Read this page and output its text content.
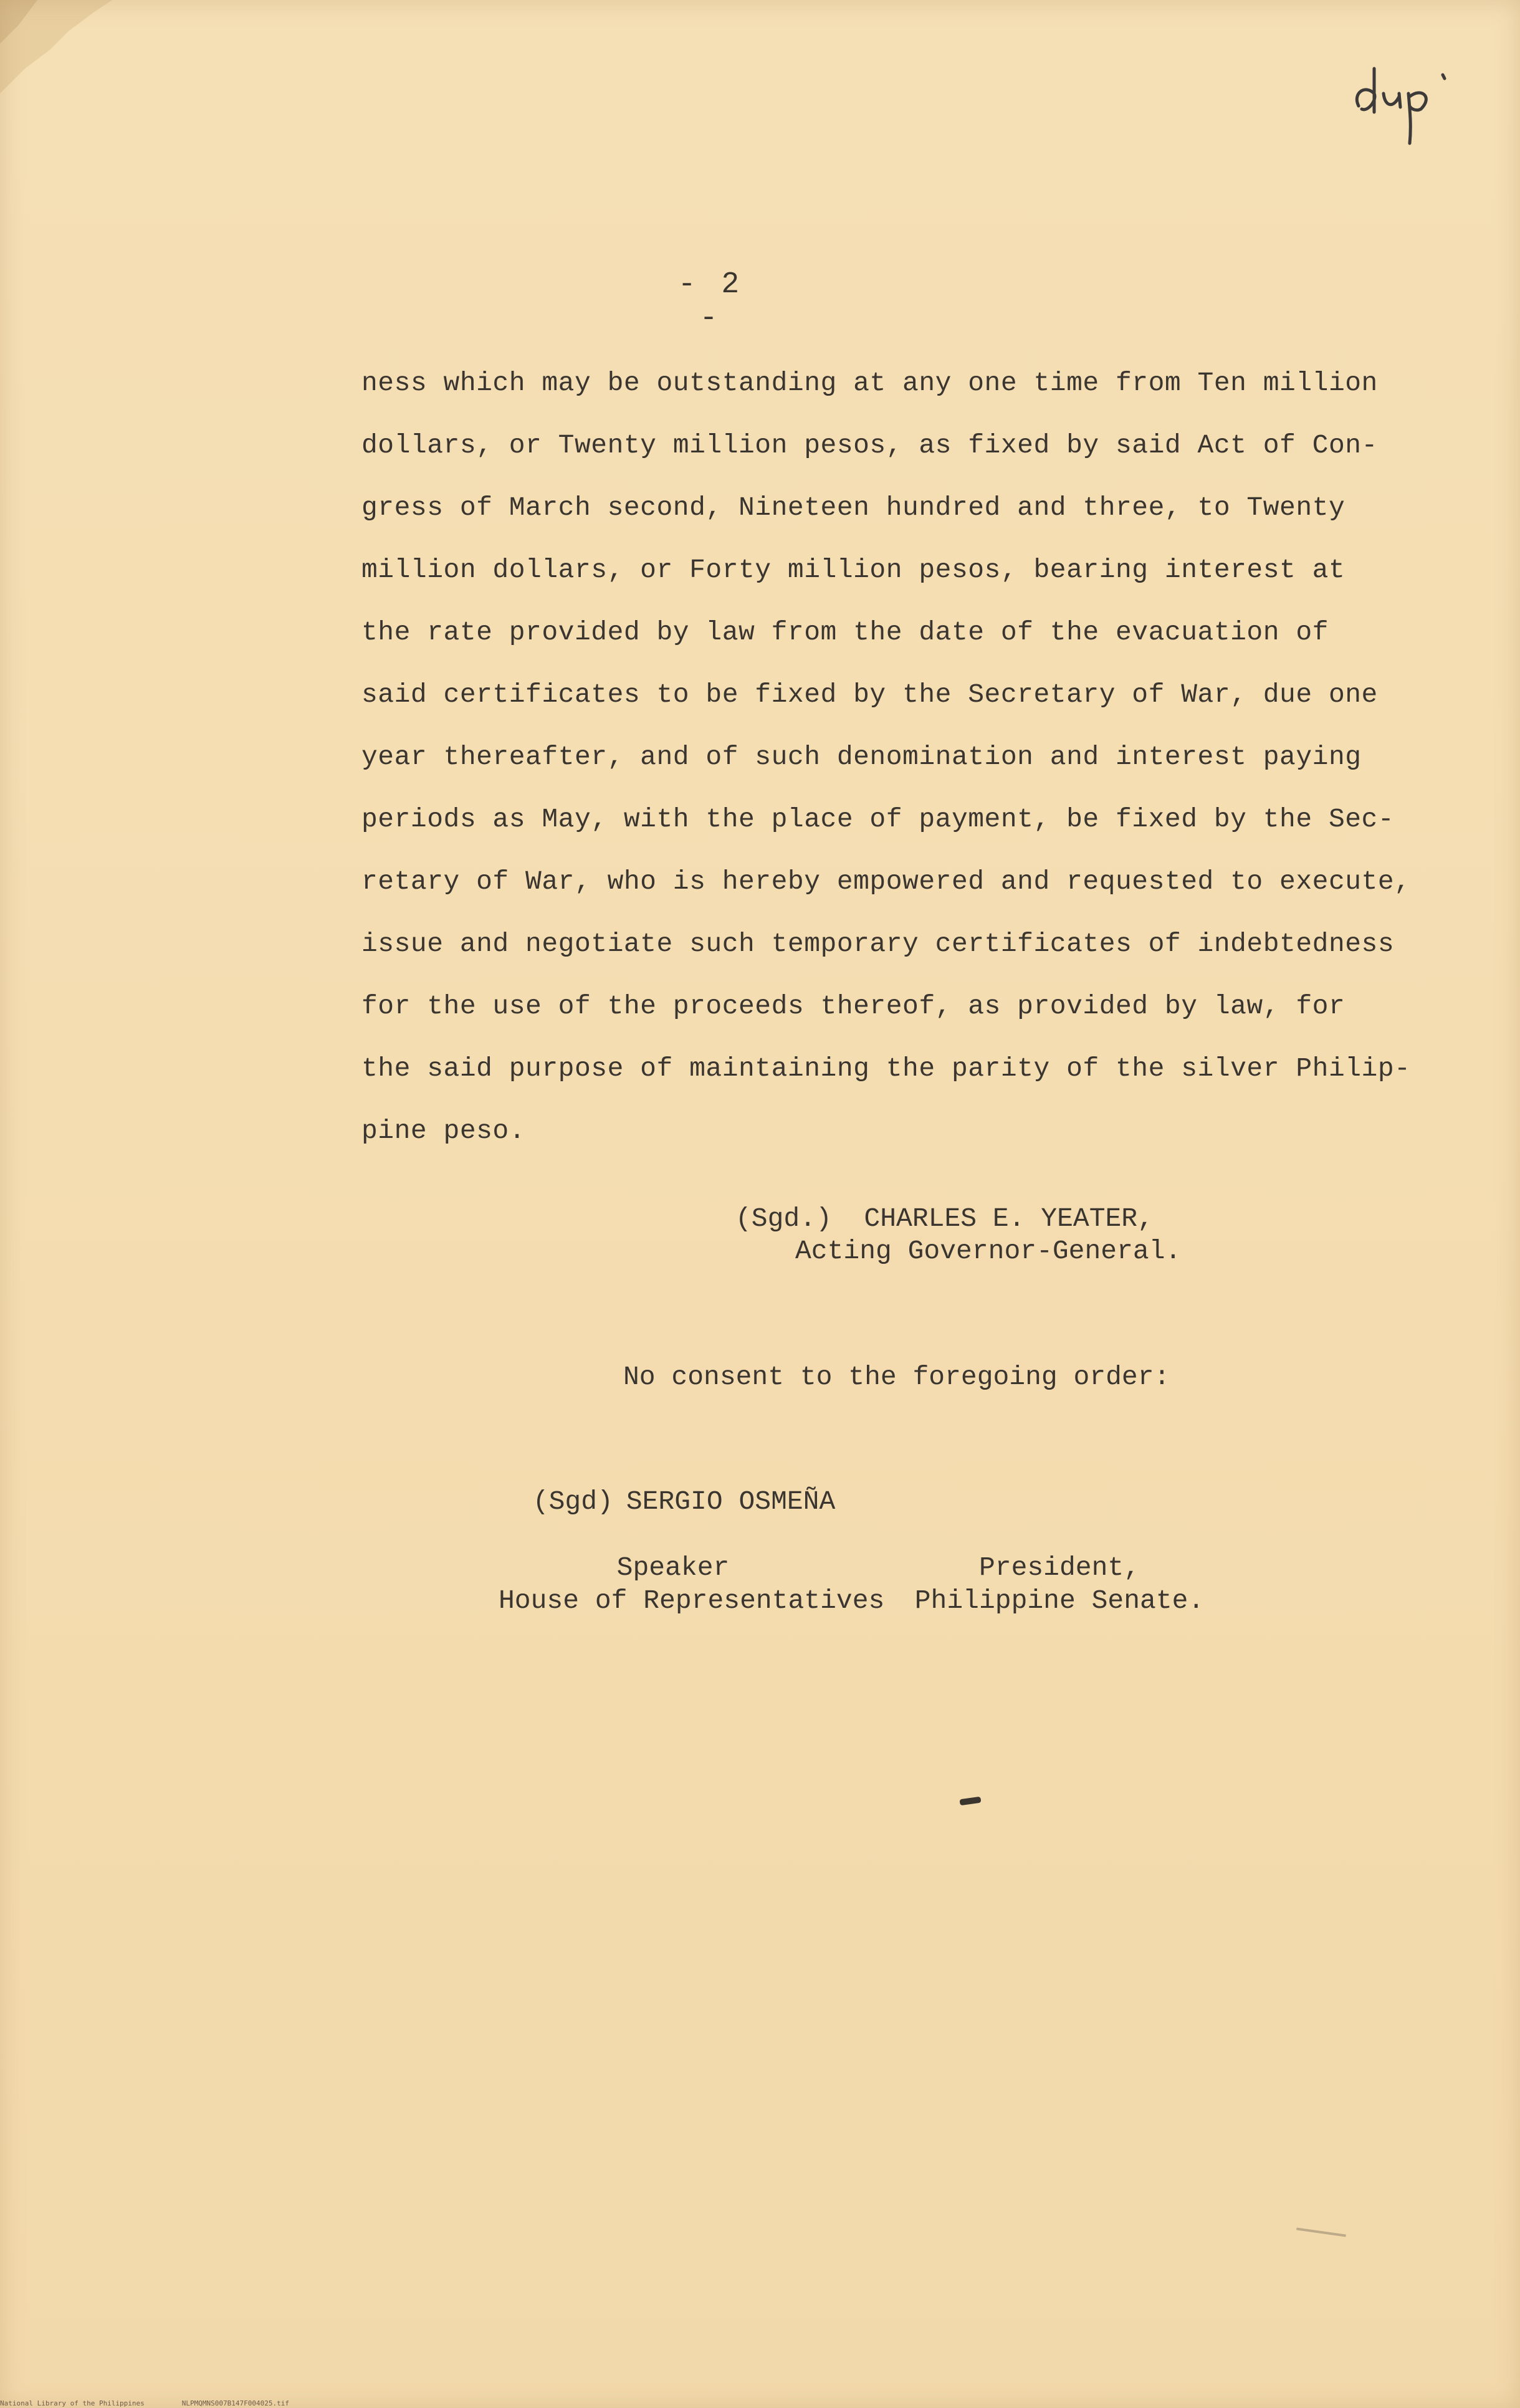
- 2 -
ness which may be outstanding at any one time from Ten million
dollars, or Twenty million pesos, as fixed by said Act of Con-
gress of March second, Nineteen hundred and three, to Twenty
million dollars, or Forty million pesos, bearing interest at
the rate provided by law from the date of the evacuation of
said certificates to be fixed by the Secretary of War, due one
year thereafter, and of such denomination and interest paying
periods as May, with the place of payment, be fixed by the Sec-
retary of War, who is hereby empowered and requested to execute,
issue and negotiate such temporary certificates of indebtedness
for the use of the proceeds thereof, as provided by law, for
the said purpose of maintaining the parity of the silver Philip-
pine peso.
(Sgd.)  CHARLES E. YEATER,
Acting Governor-General.
No consent to the foregoing order:

(Sgd) SERGIO OSMEÑA

Speaker
House of Representatives
President,
Philippine Senate.
National Library of the Philippines	NLPMQMNS007B147F004025.tif
